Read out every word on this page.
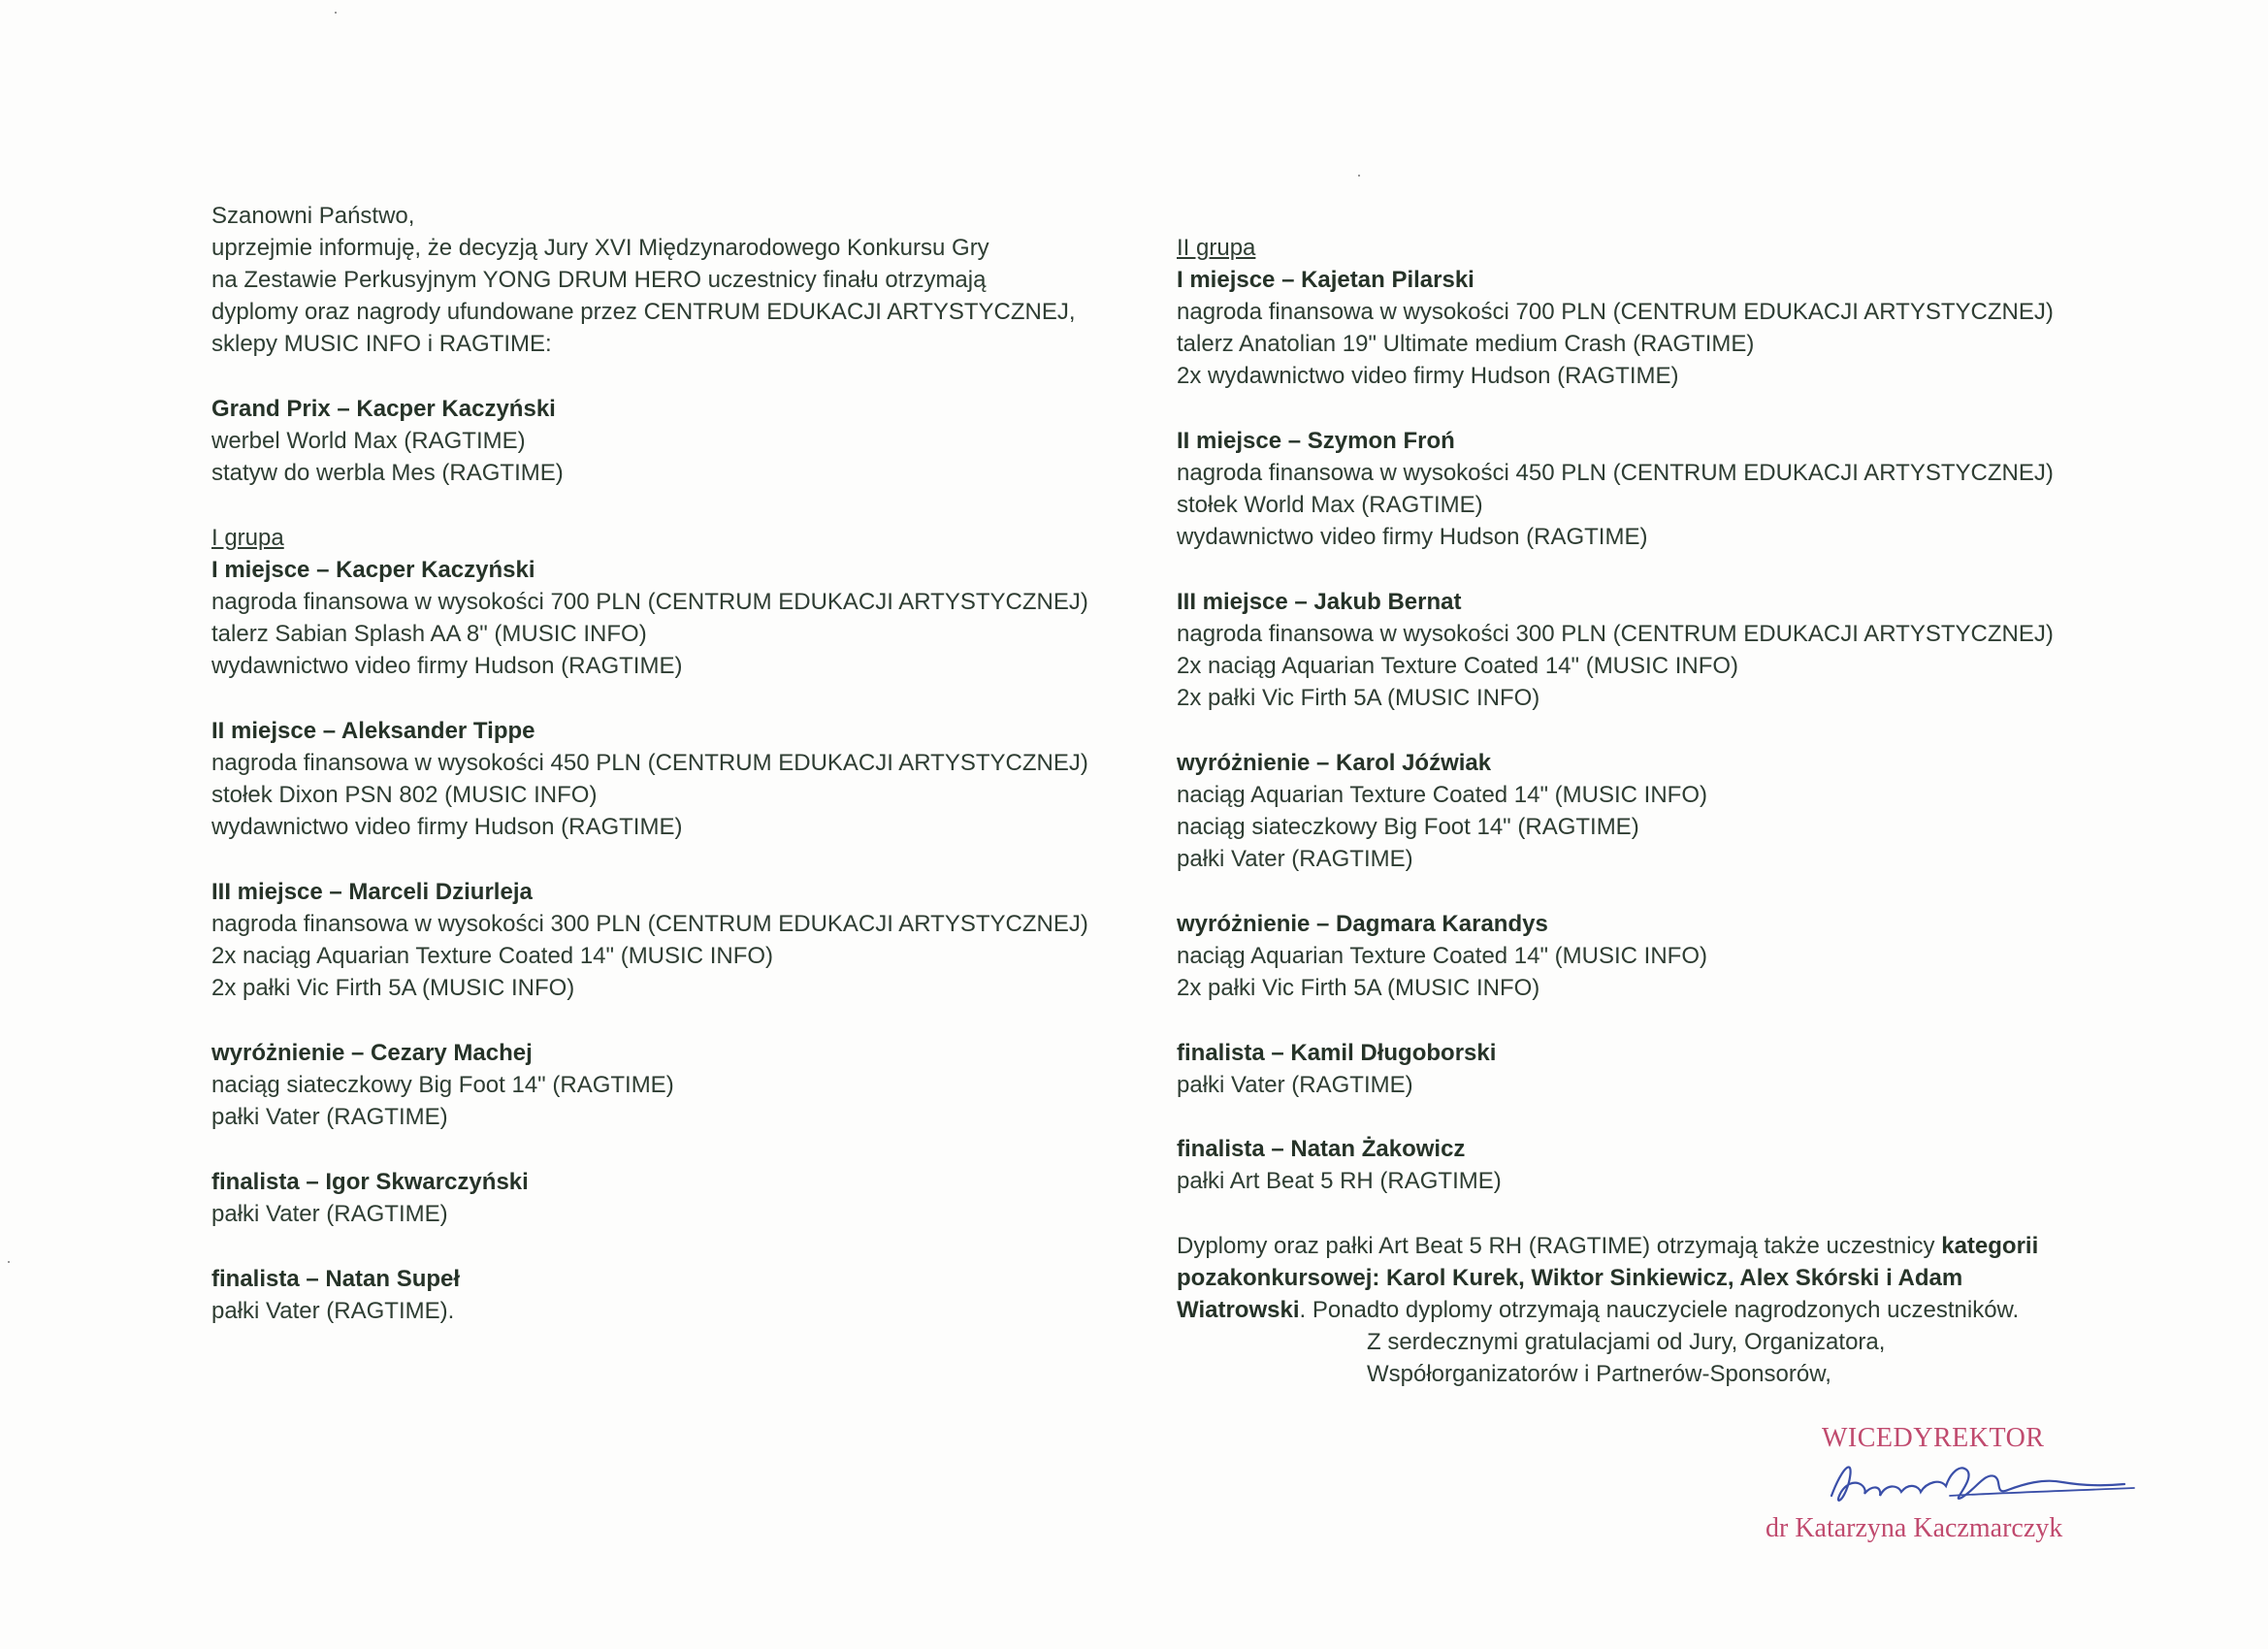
Szanowni Państwo,
uprzejmie informuję, że decyzją Jury XVI Międzynarodowego Konkursu Gry
na Zestawie Perkusyjnym YONG DRUM HERO uczestnicy finału otrzymają
dyplomy oraz nagrody ufundowane przez CENTRUM EDUKACJI ARTYSTYCZNEJ,
sklepy MUSIC INFO i RAGTIME:
Grand Prix – Kacper Kaczyński
werbel World Max (RAGTIME)
statyw do werbla Mes (RAGTIME)
I grupa
I miejsce – Kacper Kaczyński
nagroda finansowa w wysokości 700 PLN (CENTRUM EDUKACJI ARTYSTYCZNEJ)
talerz Sabian Splash AA 8" (MUSIC INFO)
wydawnictwo video firmy Hudson (RAGTIME)
II miejsce – Aleksander Tippe
nagroda finansowa w wysokości 450 PLN (CENTRUM EDUKACJI ARTYSTYCZNEJ)
stołek Dixon PSN 802 (MUSIC INFO)
wydawnictwo video firmy Hudson (RAGTIME)
III miejsce – Marceli Dziurleja
nagroda finansowa w wysokości 300 PLN (CENTRUM EDUKACJI ARTYSTYCZNEJ)
2x naciąg Aquarian Texture Coated 14" (MUSIC INFO)
2x pałki Vic Firth 5A (MUSIC INFO)
wyróżnienie – Cezary Machej
naciąg siateczkowy Big Foot 14" (RAGTIME)
pałki Vater (RAGTIME)
finalista – Igor Skwarczyński
pałki Vater (RAGTIME)
finalista – Natan Supeł
pałki Vater (RAGTIME).
II grupa
I miejsce – Kajetan Pilarski
nagroda finansowa w wysokości 700 PLN (CENTRUM EDUKACJI ARTYSTYCZNEJ)
talerz Anatolian 19" Ultimate medium Crash (RAGTIME)
2x wydawnictwo video firmy Hudson (RAGTIME)
II miejsce – Szymon Froń
nagroda finansowa w wysokości 450 PLN (CENTRUM EDUKACJI ARTYSTYCZNEJ)
stołek World Max (RAGTIME)
wydawnictwo video firmy Hudson (RAGTIME)
III miejsce – Jakub Bernat
nagroda finansowa w wysokości 300 PLN (CENTRUM EDUKACJI ARTYSTYCZNEJ)
2x naciąg Aquarian Texture Coated 14" (MUSIC INFO)
2x pałki Vic Firth 5A (MUSIC INFO)
wyróżnienie – Karol Jóźwiak
naciąg Aquarian Texture Coated 14" (MUSIC INFO)
naciąg siateczkowy Big Foot 14" (RAGTIME)
pałki Vater (RAGTIME)
wyróżnienie – Dagmara Karandys
naciąg Aquarian Texture Coated 14" (MUSIC INFO)
2x pałki Vic Firth 5A (MUSIC INFO)
finalista – Kamil Długoborski
pałki Vater (RAGTIME)
finalista – Natan Żakowicz
pałki Art Beat 5 RH (RAGTIME)
Dyplomy oraz pałki Art Beat 5 RH (RAGTIME) otrzymają także uczestnicy kategorii
pozakonkursowej: Karol Kurek, Wiktor Sinkiewicz, Alex Skórski i Adam
Wiatrowski. Ponadto dyplomy otrzymają nauczyciele nagrodzonych uczestników.
Z serdecznymi gratulacjami od Jury, Organizatora,
Współorganizatorów i Partnerów-Sponsorów,
WICEDYREKTOR
dr Katarzyna Kaczmarczyk
